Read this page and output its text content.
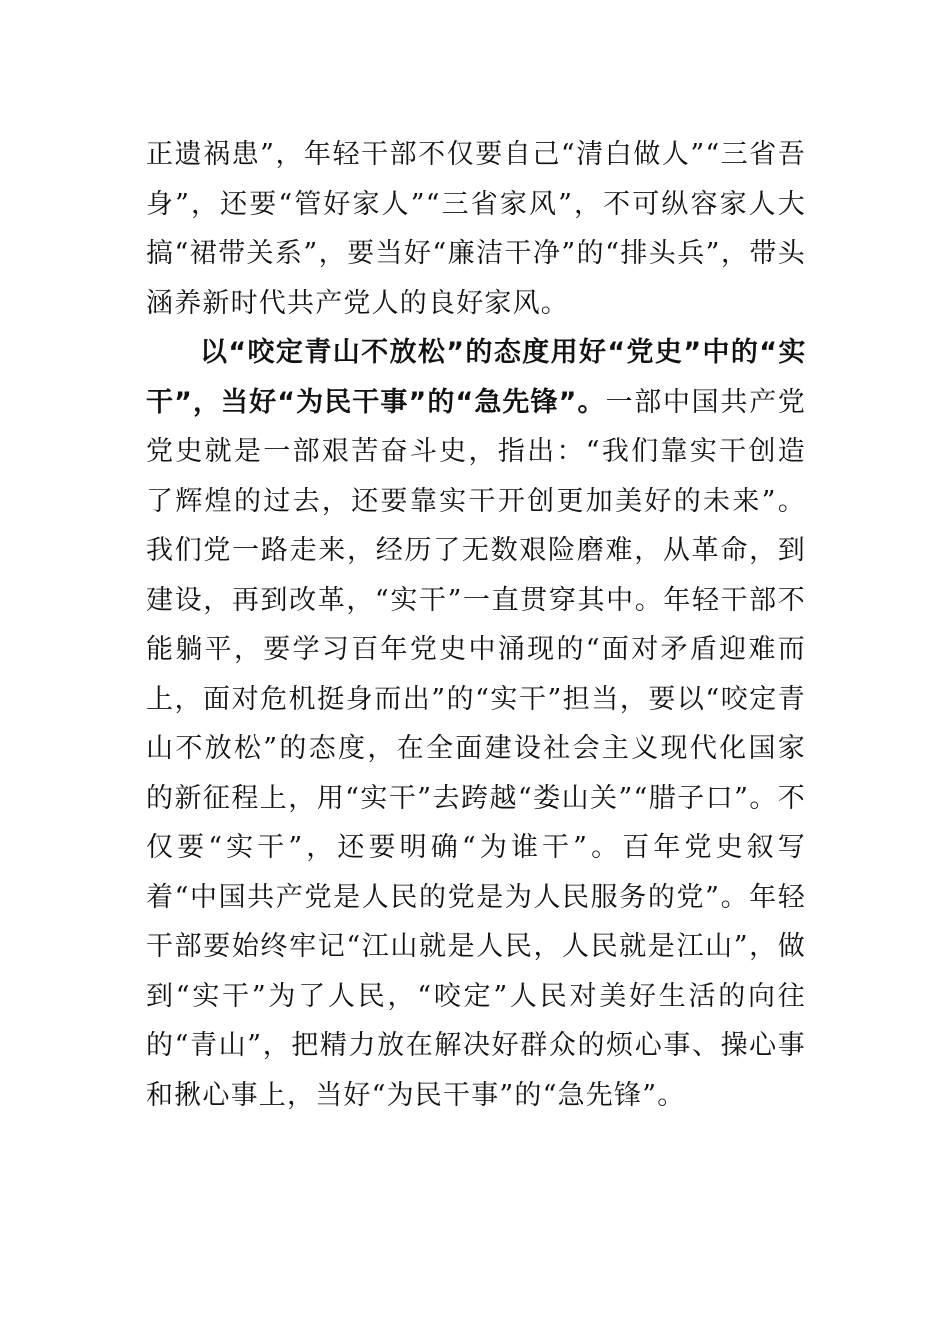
正遗祸患”，年轻干部不仅要自己“清白做人”“三省吾身”，还要“管好家人”“三省家风”，不可纵容家人大搞“裙带关系”，要当好“廉洁干净”的“排头兵”，带头涵养新时代共产党人的良好家风。

以“咬定青山不放松”的态度用好“党史”中的“实干”，当好“为民干事”的“急先锋”。一部中国共产党党史就是一部艰苦奋斗史，指出：“我们靠实干创造了辉煌的过去，还要靠实干开创更加美好的未来”。我们党一路走来，经历了无数艰险磨难，从革命，到建设，再到改革，“实干”一直贯穿其中。年轻干部不能躺平，要学习百年党史中涌现的“面对矛盾迎难而上，面对危机挺身而出”的“实干”担当，要以“咬定青山不放松”的态度，在全面建设社会主义现代化国家的新征程上，用“实干”去跨越“娄山关”“腊子口”。不仅要“实干”，还要明确“为谁干”。百年党史叙写着“中国共产党是人民的党是为人民服务的党”。年轻干部要始终牢记“江山就是人民，人民就是江山”，做到“实干”为了人民，“咬定”人民对美好生活的向往的“青山”，把精力放在解决好群众的烦心事、操心事和揪心事上，当好“为民干事”的“急先锋”。
